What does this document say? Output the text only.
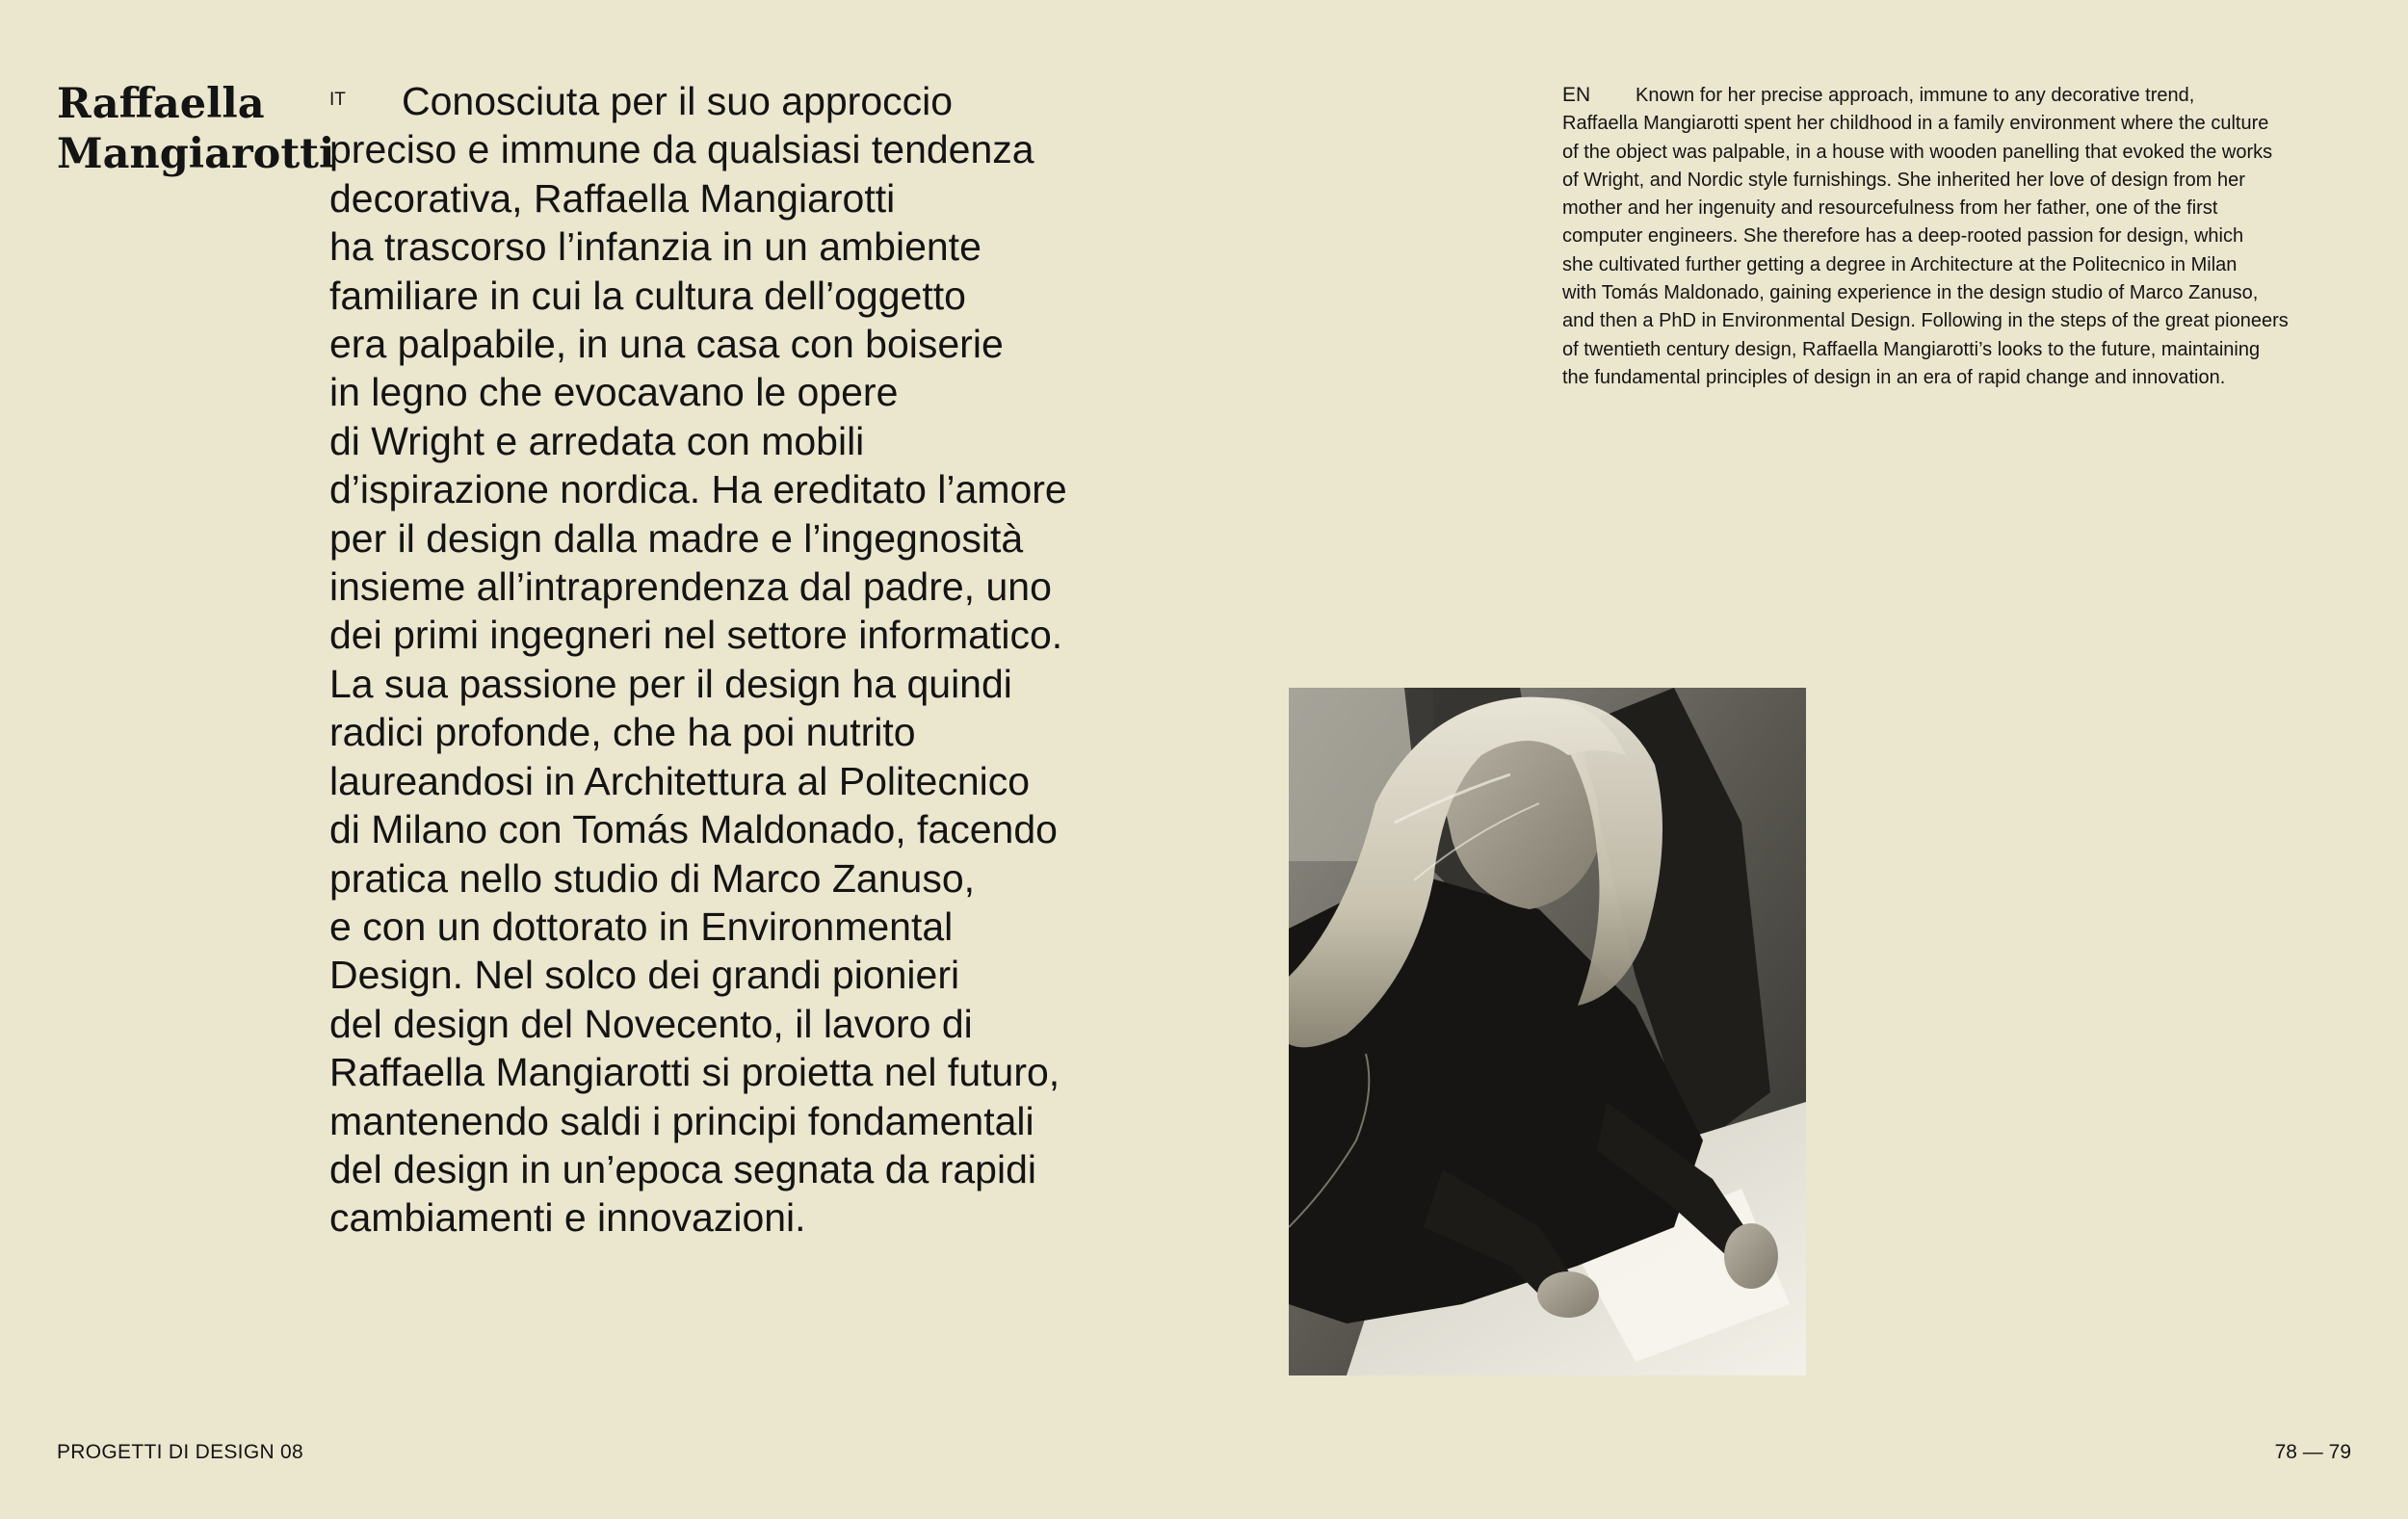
Raffaella
Mangiarotti
IT	Conosciuta per il suo approccio
preciso e immune da qualsiasi tendenza
decorativa, Raffaella Mangiarotti
ha trascorso l’infanzia in un ambiente
familiare in cui la cultura dell’oggetto
era palpabile, in una casa con boiserie
in legno che evocavano le opere
di Wright e arredata con mobili
d’ispirazione nordica. Ha ereditato l’amore
per il design dalla madre e l’ingegnosità
insieme all’intraprendenza dal padre, uno
dei primi ingegneri nel settore informatico.
La sua passione per il design ha quindi
radici profonde, che ha poi nutrito
laureandosi in Architettura al Politecnico
di Milano con Tomás Maldonado, facendo
pratica nello studio di Marco Zanuso,
e con un dottorato in Environmental
Design. Nel solco dei grandi pionieri
del design del Novecento, il lavoro di
Raffaella Mangiarotti si proietta nel futuro,
mantenendo saldi i principi fondamentali
del design in un’epoca segnata da rapidi
cambiamenti e innovazioni.
EN Known for her precise approach, immune to any decorative trend,
Raffaella Mangiarotti spent her childhood in a family environment where the culture
of the object was palpable, in a house with wooden panelling that evoked the works
of Wright, and Nordic style furnishings. She inherited her love of design from her
mother and her ingenuity and resourcefulness from her father, one of the first
computer engineers. She therefore has a deep-rooted passion for design, which
she cultivated further getting a degree in Architecture at the Politecnico in Milan
with Tomás Maldonado, gaining experience in the design studio of Marco Zanuso,
and then a PhD in Environmental Design. Following in the steps of the great pioneers
of twentieth century design, Raffaella Mangiarotti’s looks to the future, maintaining
the fundamental principles of design in an era of rapid change and innovation.
PROGETTI DI DESIGN 08	78 — 79
